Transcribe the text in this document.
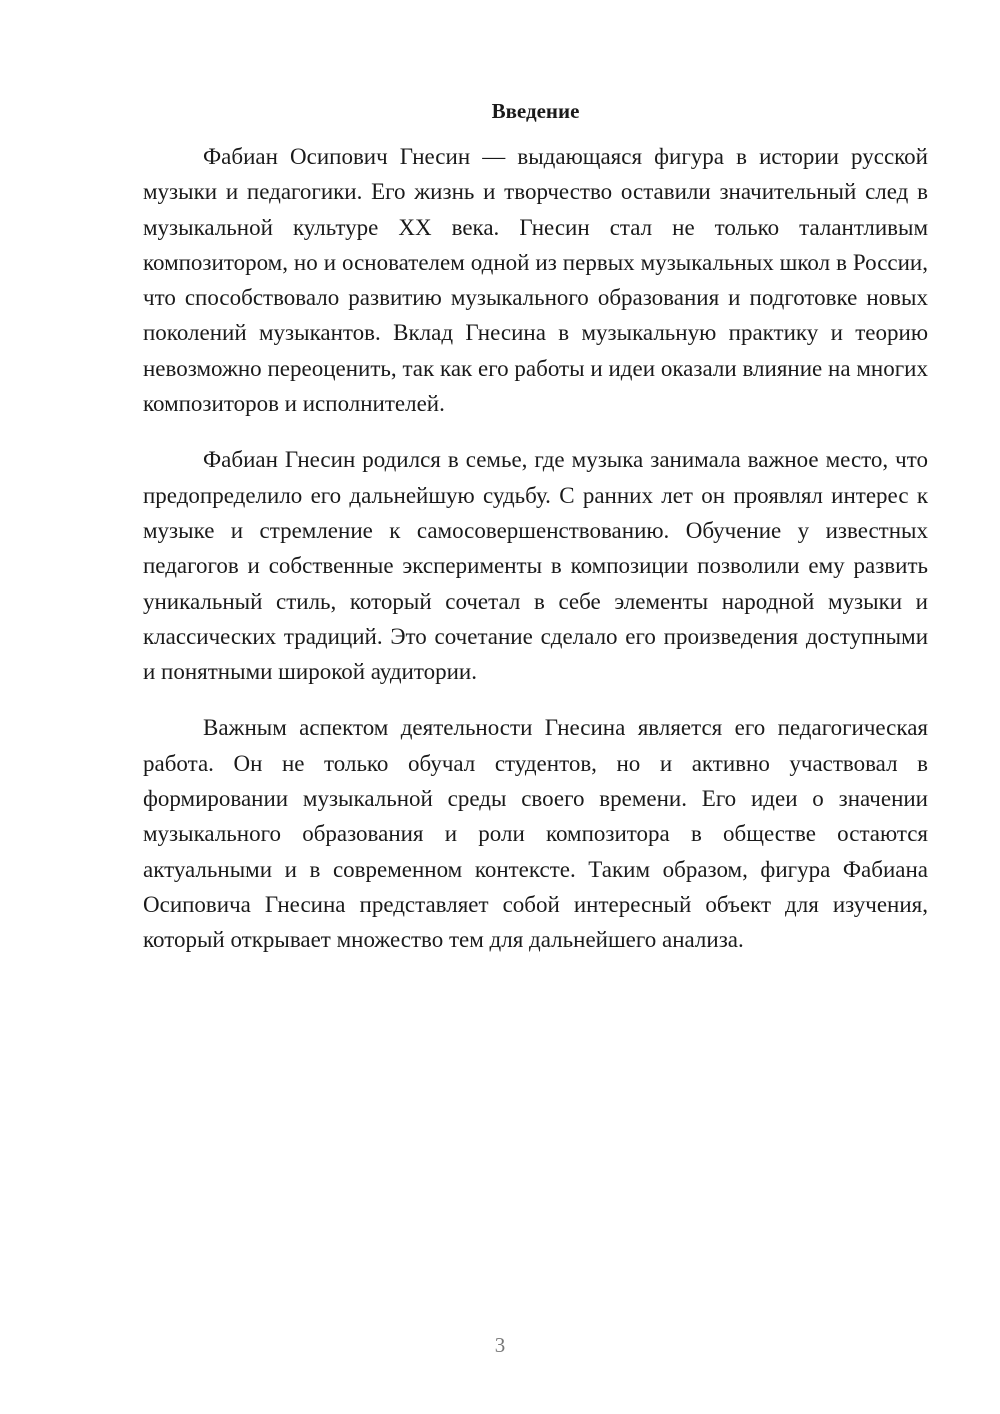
Введение

Фабиан Осипович Гнесин — выдающаяся фигура в истории русской музыки и педагогики. Его жизнь и творчество оставили значительный след в музыкальной культуре XX века. Гнесин стал не только талантливым композитором, но и основателем одной из первых музыкальных школ в России, что способствовало развитию музыкального образования и подготовке новых поколений музыкантов. Вклад Гнесина в музыкальную практику и теорию невозможно переоценить, так как его работы и идеи оказали влияние на многих композиторов и исполнителей.

Фабиан Гнесин родился в семье, где музыка занимала важное место, что предопределило его дальнейшую судьбу. С ранних лет он проявлял интерес к музыке и стремление к самосовершенствованию. Обучение у известных педагогов и собственные эксперименты в композиции позволили ему развить уникальный стиль, который сочетал в себе элементы народной музыки и классических традиций. Это сочетание сделало его произведения доступными и понятными широкой аудитории.

Важным аспектом деятельности Гнесина является его педагогическая работа. Он не только обучал студентов, но и активно участвовал в формировании музыкальной среды своего времени. Его идеи о значении музыкального образования и роли композитора в обществе остаются актуальными и в современном контексте. Таким образом, фигура Фабиана Осиповича Гнесина представляет собой интересный объект для изучения, который открывает множество тем для дальнейшего анализа.

3
